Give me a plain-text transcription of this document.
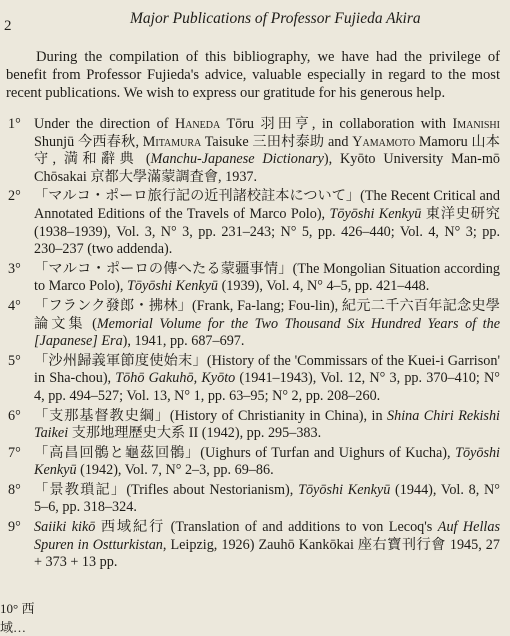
2	Major Publications of Professor Fujieda Akira

During the compilation of this bibliography, we have had the privilege of benefit from Professor Fujieda's advice, valuable especially in regard to the most recent publications. We wish to express our gratitude for his generous help.

1° Under the direction of Haneda Tōru 羽田亨, in collaboration with Imanishi Shunjū 今西春秋, Mitamura Taisuke 三田村泰助 and Yamamoto Mamoru 山本守, 満和辭典 (Manchu-Japanese Dictionary), Kyōto University Man-mō Chōsakai 京都大學滿蒙調査會, 1937.
2° 「マルコ・ポーロ旅行記の近刊諸校註本について」(The Recent Critical and Annotated Editions of the Travels of Marco Polo), Tōyōshi Kenkyū 東洋史研究 (1938–1939), Vol. 3, N° 3, pp. 231–243; N° 5, pp. 426–440; Vol. 4, N° 3; pp. 230–237 (two addenda).
3° 「マルコ・ポーロの傳へたる蒙疆事情」(The Mongolian Situation according to Marco Polo), Tōyōshi Kenkyū (1939), Vol. 4, N° 4–5, pp. 421–448.
4° 「フランク發郎・拂林」(Frank, Fa-lang; Fou-lin), 紀元二千六百年記念史學論文集 (Memorial Volume for the Two Thousand Six Hundred Years of the [Japanese] Era), 1941, pp. 687–697.
5° 「沙州歸義軍節度使始末」(History of the 'Commissars of the Kuei-i Garrison' in Sha-chou), Tōhō Gakuhō, Kyōto (1941–1943), Vol. 12, N° 3, pp. 370–410; N° 4, pp. 494–527; Vol. 13, N° 1, pp. 63–95; N° 2, pp. 208–260.
6° 「支那基督教史綱」(History of Christianity in China), in Shina Chiri Rekishi Taikei 支那地理歷史大系 II (1942), pp. 295–383.
7° 「高昌回鶻と龜茲回鶻」(Uighurs of Turfan and Uighurs of Kucha), Tōyōshi Kenkyū (1942), Vol. 7, N° 2–3, pp. 69–86.
8° 「景教瑣記」(Trifles about Nestorianism), Tōyōshi Kenkyū (1944), Vol. 8, N° 5–6, pp. 318–324.
9° Saiiki kikō 西域紀行 (Translation of and additions to von Lecoq's Auf Hellas Spuren in Ostturkistan, Leipzig, 1926) Zauhō Kankōkai 座右寶刊行會 1945, 27 + 373 + 13 pp.
10° 西域…
